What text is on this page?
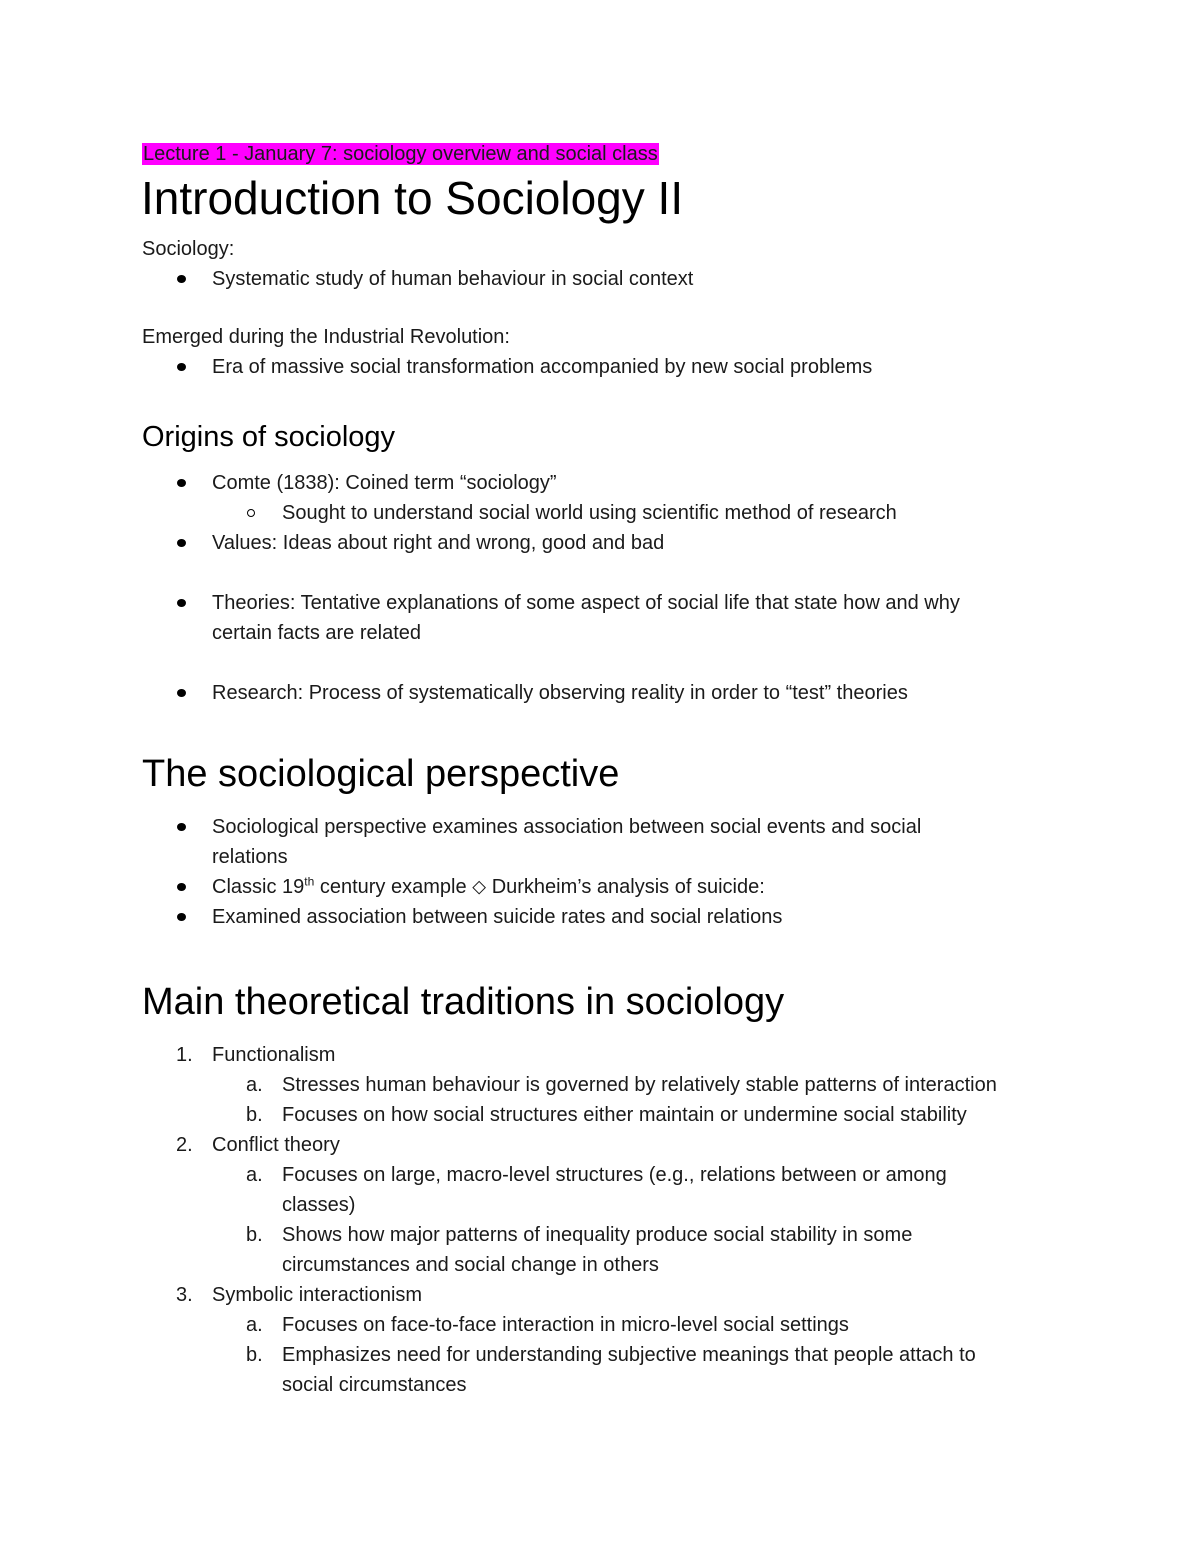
Lecture 1 - January 7: sociology overview and social class

Introduction to Sociology II

Sociology:

Systematic study of human behaviour in social context

Emerged during the Industrial Revolution:

Era of massive social transformation accompanied by new social problems
Origins of sociology
Comte (1838): Coined term “sociology”
Sought to understand social world using scientific method of research
Values: Ideas about right and wrong, good and bad
Theories: Tentative explanations of some aspect of social life that state how and why
certain facts are related
Research: Process of systematically observing reality in order to “test” theories
The sociological perspective
Sociological perspective examines association between social events and social
relations
Classic 19th century example ⬦ Durkheim’s analysis of suicide:
Examined association between suicide rates and social relations
Main theoretical traditions in sociology
1. Functionalism
a. Stresses human behaviour is governed by relatively stable patterns of interaction
b. Focuses on how social structures either maintain or undermine social stability
2. Conflict theory
a. Focuses on large, macro-level structures (e.g., relations between or among
classes)
b. Shows how major patterns of inequality produce social stability in some
circumstances and social change in others
3. Symbolic interactionism
a. Focuses on face-to-face interaction in micro-level social settings
b. Emphasizes need for understanding subjective meanings that people attach to
social circumstances
